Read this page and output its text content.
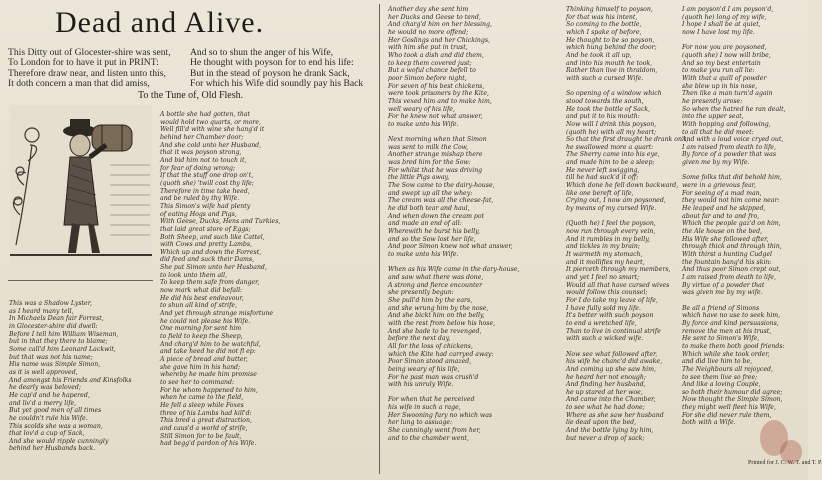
Dead and Alive.
This Ditty out of Glocester-shire was sent,
To London for to have it put in PRINT:
Therefore draw near, and listen unto this,
It doth concern a man that did amiss,
And so to shun the anger of his Wife,
He thought with poyson for to end his life:
But in the stead of poyson he drank Sack,
For which his Wife did soundly pay his Back
To the Tune of, Old Flesh.
This was a Shadow Lyster,
as I heard many tell,
In Michaels Dean fair Forrest,
in Glocester-shire did dwell:
Before I tell him William Wiseman,
but in that they there to blame;
Some call'd him Leonard Lackwit,
but that was not his name;
His name was Simple Simon,
as it is well approved,
And amongst his Friends and Kinsfolks
he dearly was beloved;
He cap'd and he hapered,
and liv'd a merry life,
But yet good men of all times
he couldn't rule his Wife.
This scolds she was a woman,
that lov'd a cup of Sack,
And she would ripple cunningly
behind her Husbands back.
A bottle she had gotten, that
would hold two quarts, or more,
Well fill'd with wine she hang'd it
behind her Chamber door;
And she cold unto her Husband,
that it was poyson strong,
And bid him not to touch it,
for fear of doing wrong;
If that the stuff one drop on't,
(quoth she) 'twill cost thy life;
Therefore in time take heed,
and be ruled by thy Wife.
This Simon's wife had plenty
of eating Hogs and Pigs,
With Geese, Ducks, Hens and Turkies,
that laid great store of Eggs;
Both Sheep, and such like Cattel,
with Cows and pretty Lambs,
Which up and down the Forrest,
did feed and suck their Dams,
She put Simon unto her Husband,
to look unto them all,
To keep them safe from danger,
now mark what did befall:
He did his best endeavour,
to shun all kind of strife,
And yet through strange misfortune
he could not please his Wife.
One morning for sent him
to field to keep the Sheep,
And charg'd him to be watchful,
and take heed he did not fl ep:
A piece of bread and butter,
she gave him in his hand;
whereby he made him promise
to see her to command:
For he whom happened to him,
when he came to the field,
He fell a sleep while Foxes
three of his Lambs had kill'd:
This bred a great distraction,
and caus'd a world of strife,
Still Simon for to be fault,
had begg'd pardon of his Wife.
Another day she sent him
her Ducks and Geese to tend,
And charg'd him on her blessing,
he would no more offend;
Her Goslings and her Chickings,
with him she put in trust,
Who took a dish and did them,
to keep them covered just;
But a woful chance befell to
poor Simon before night,
For seven of his best chickens,
were took prisoners by the Kite,
This vexed him and to make him,
well weary of his life,
For he knew not what answer,
to make unto his Wife.

Next morning when that Simon
was sent to milk the Cow,
Another strange mishap there
was bred him for the Sow:
For whilst that he was driving
the little Pigs away,
The Sow came to the dairy-house,
and swept up all the whey:
The cream was all the cheese-fat,
he did both tear and haul,
And when down the cream pot
and made an end of all:
Wherewith he burst his belly,
and so the Sow lost her life,
And poor Simon knew not what answer,
to make unto his Wife.

When as his Wife came in the dary-house,
and saw what there was done,
A strong and fierce encounter
she presently begun:
She pull'd him by the ears,
and she wrung him by the nose,
And she bickt him on the belly,
with the rest from below his hose,
And she bade to be revenged,
before the next day,
All for the loss of chickens,
which the Kite had carryed away:
Poor Simon stood amazed,
being weary of his life,
For he past man was crush'd
with his unruly Wife.

For when that he perceived
his wife in such a rage,
Her Swooning fury no which was
her lung to assuage:
She cunningly went from her,
and to the chamber went,
Thinking himself to poyson,
for that was his intent,
So coming to the bottle,
which I spake of before,
He thought to be so poyson,
which hung behind the door;
And he took it all up,
and into his mouth he took,
Rather than live in thraldom,
with such a cursed Wife.

So opening of a window which
stood towards the south,
He took the bottle of Sack,
and put it to his mouth:
Now will I drink this poyson,
(quoth he) with all my heart;
So that the first draught he drank on't,
he swallowed more a quart:
The Sherry came into his eye,
and made him to be a sleep;
He never left swigging,
till he had suck'd it off:
Which done he fell down backward,
like one bereft of life,
Crying out, I now am poysoned,
by means of my cursed Wife.

(Quoth he) I feel the poyson,
now run through every vein,
And it rumbles in my belly,
and tickles in my brain;
It warmeth my stomach,
and it mollifies my heart,
It pierceth through my members,
and yet I feel no smart;
Would all that have cursed wives
would follow this counsel;
For I do take my leave of life,
I have fully sold my life.
It's better with such poyson
to end a wretched life,
Than to live in continual strife
with such a wicked wife.

Now see what followed after,
his wife he chanc'd did awake,
And coming up she saw him,
he heard her not enough;
And finding her husband,
he up stared at her woe,
And came into the Chamber,
to see what he had done;
Where as she saw her husband
lie dead upon the bed,
And the bottle lying by him,
but never a drop of sack;
I am poyson'd I am poyson'd,
(quoth he) long of my wife,
I hope I shall be at quiet,
now I have lost my life.

For now you are poysoned,
(quoth she) I now will bribe,
And so my best entertain
to make you run all lie:
With that a quill of powder
she blew up in his nose,
Then like a man turn'd again
he presently arose:
So when the hatred he ran dealt,
into the upper seat,
With hopping and following,
to all that he did meet:
And with a loud voice cryed out,
I am raised from death to life,
By force of a powder that was
given me by my Wife.

Some folks that did behold him,
were in a grievous fear,
For seeing of a mad man,
they would not him come near:
He leaped and he skipped,
about far and to and fro,
Which the people gaz'd on him,
the Ale house on the bed,
His Wife she followed after,
through thick and through thin,
With thirst a hunting Cudgel
the fountain bang'd his skin:
And thus poor Simon crept out,
I am raised from death to life,
By virtue of a powder that
was given me by my wife.

Be all a friend of Simons
which have no use to seek him,
By force and kind persuasions,
remove the men at his trust,
He sent to Simon's Wife,
to make them both good friends:
Which while she took order,
and did live him to be,
The Neighbours all rejoyced,
to see them live so free;
And like a loving Couple,
so both their humour did agree;
Now thought the Simple Simon,
they might well fleet his Wife,
For she did never rule them,
both with a Wife.
Printed for J. C. W. T. and T. P.
